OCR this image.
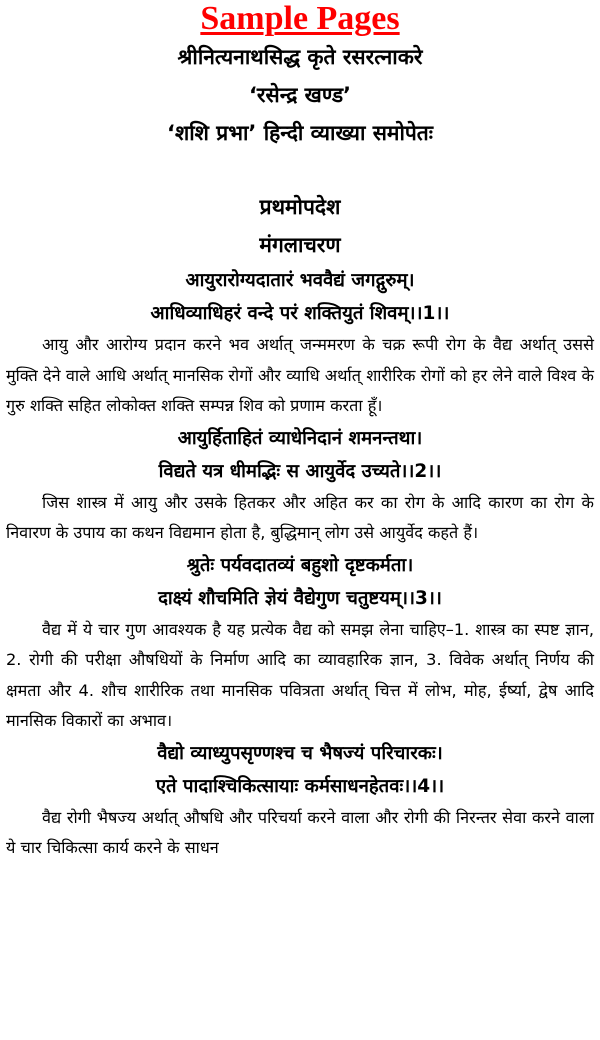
Sample Pages
श्रीनित्यनाथसिद्ध कृते रसरत्नाकरे
‘रसेन्द्र खण्ड’
‘शशि प्रभा’ हिन्दी व्याख्या समोपेतः
प्रथमोपदेश
मंगलाचरण
आयुरारोग्यदातारं भववैद्यं जगद्गुरुम्।
आधिव्याधिहरं वन्दे परं शक्तियुतं शिवम्।।1।।

आयु और आरोग्य प्रदान करने भव अर्थात् जन्ममरण के चक्र रूपी रोग के वैद्य अर्थात् उससे मुक्ति देने वाले आधि अर्थात् मानसिक रोगों और व्याधि अर्थात् शारीरिक रोगों को हर लेने वाले विश्व के गुरु शक्ति सहित लोकोक्त शक्ति सम्पन्न शिव को प्रणाम करता हूँ।

आयुर्हिताहितं व्याधेनिदानं शमनन्तथा।
विद्यते यत्र धीमद्भिः स आयुर्वेद उच्यते।।2।।

जिस शास्त्र में आयु और उसके हितकर और अहित कर का रोग के आदि कारण का रोग के निवारण के उपाय का कथन विद्यमान होता है, बुद्धिमान् लोग उसे आयुर्वेद कहते हैं।

श्रुतेः पर्यवदातव्यं बहुशो दृष्टकर्मता।
दाक्ष्यं शौचमिति ज्ञेयं वैद्येगुण चतुष्टयम्।।3।।

वैद्य में ये चार गुण आवश्यक है यह प्रत्येक वैद्य को समझ लेना चाहिए–1. शास्त्र का स्पष्ट ज्ञान, 2. रोगी की परीक्षा औषधियों के निर्माण आदि का व्यावहारिक ज्ञान, 3. विवेक अर्थात् निर्णय की क्षमता और 4. शौच शारीरिक तथा मानसिक पवित्रता अर्थात् चित्त में लोभ, मोह, ईर्ष्या, द्वेष आदि मानसिक विकारों का अभाव।

वैद्यो व्याध्युपसृण्णश्च च भैषज्यं परिचारकः।
एते पादाश्चिकित्सायाः कर्मसाधनहेतवः।।4।।

वैद्य रोगी भैषज्य अर्थात् औषधि और परिचर्या करने वाला और रोगी की निरन्तर सेवा करने वाला ये चार चिकित्सा कार्य करने के साधन
